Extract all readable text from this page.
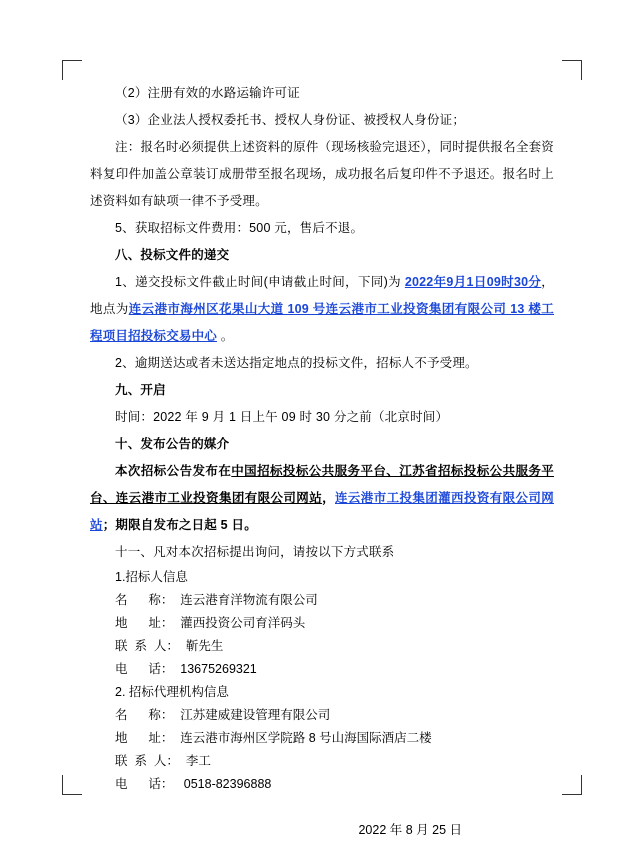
（2）注册有效的水路运输许可证

（3）企业法人授权委托书、授权人身份证、被授权人身份证；

注：报名时必须提供上述资料的原件（现场核验完退还），同时提供报名全套资料复印件加盖公章装订成册带至报名现场，成功报名后复印件不予退还。报名时上述资料如有缺项一律不予受理。

5、获取招标文件费用：500 元，售后不退。

八、投标文件的递交

1、递交投标文件截止时间(申请截止时间，下同)为 2022年9月1日09时30分，地点为连云港市海州区花果山大道 109 号连云港市工业投资集团有限公司 13 楼工程项目招投标交易中心 。

2、逾期送达或者未送达指定地点的投标文件，招标人不予受理。

九、开启

时间：2022 年 9 月 1 日上午 09 时 30 分之前（北京时间）

十、发布公告的媒介

本次招标公告发布在中国招标投标公共服务平台、江苏省招标投标公共服务平台、连云港市工业投资集团有限公司网站，连云港市工投集团灌西投资有限公司网站；期限自发布之日起 5 日。

十一、凡对本次招标提出询问，请按以下方式联系

1.招标人信息
名      称：  连云港育洋物流有限公司
地      址：  灌西投资公司育洋码头
联  系  人：  靳先生
电      话：  13675269321
2. 招标代理机构信息
名      称：  江苏建威建设管理有限公司
地      址：  连云港市海州区学院路 8 号山海国际酒店二楼
联  系  人：  李工
电      话：   0518-82396888

2022 年 8 月 25 日
